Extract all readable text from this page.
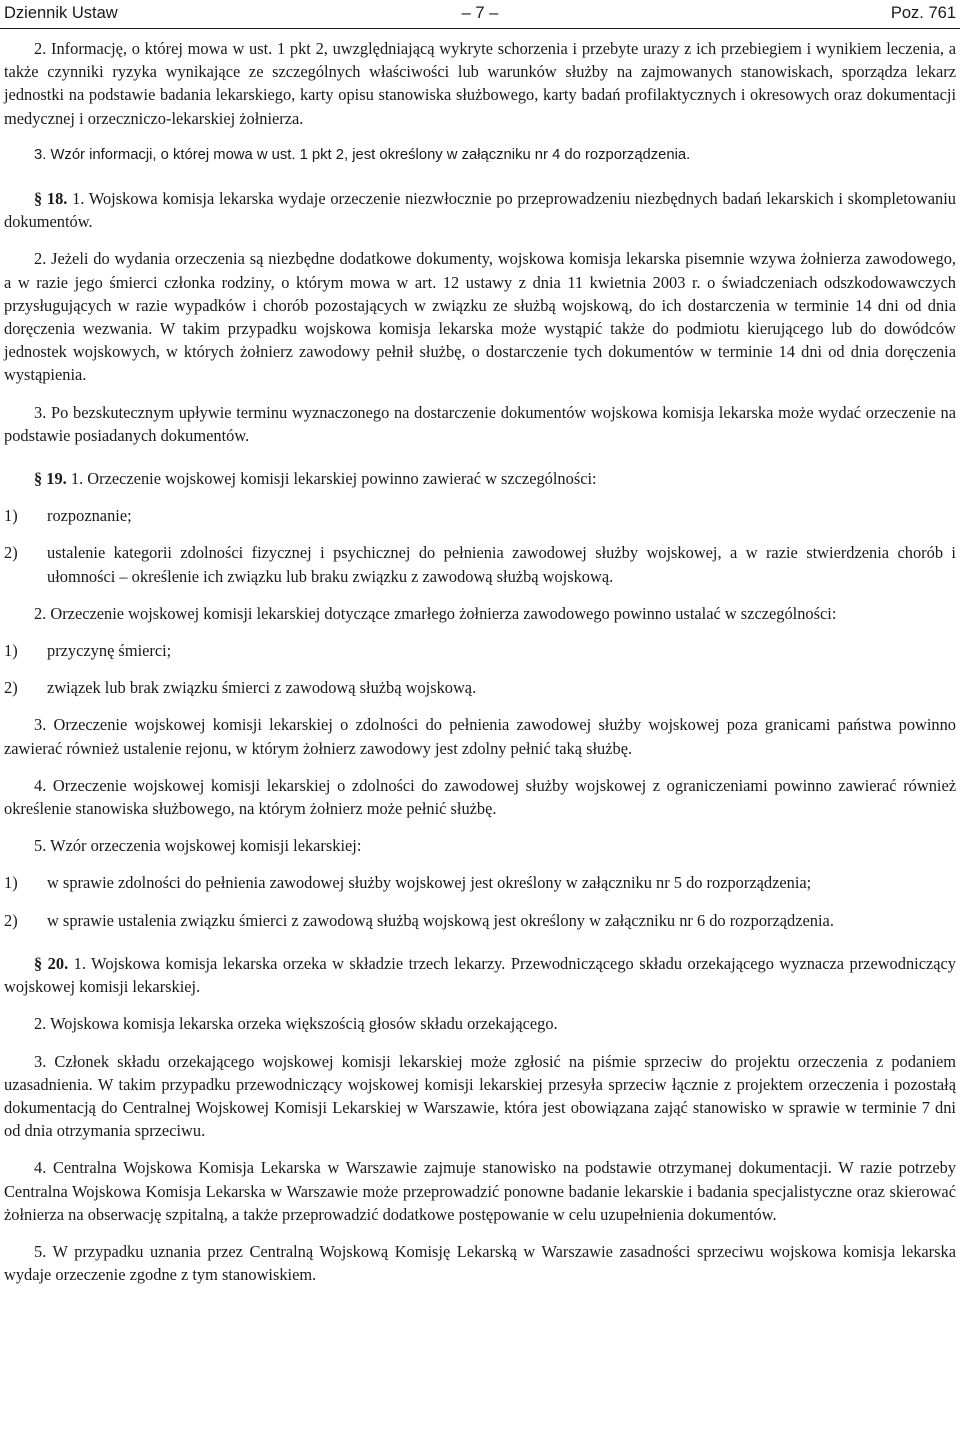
Dziennik Ustaw	– 7 –	Poz. 761

2. Informację, o której mowa w ust. 1 pkt 2, uwzględniającą wykryte schorzenia i przebyte urazy z ich przebiegiem i wynikiem leczenia, a także czynniki ryzyka wynikające ze szczególnych właściwości lub warunków służby na zajmowanych stanowiskach, sporządza lekarz jednostki na podstawie badania lekarskiego, karty opisu stanowiska służbowego, karty badań profilaktycznych i okresowych oraz dokumentacji medycznej i orzeczniczo-lekarskiej żołnierza.

3. Wzór informacji, o której mowa w ust. 1 pkt 2, jest określony w załączniku nr 4 do rozporządzenia.

§ 18. 1. Wojskowa komisja lekarska wydaje orzeczenie niezwłocznie po przeprowadzeniu niezbędnych badań lekarskich i skompletowaniu dokumentów.

2. Jeżeli do wydania orzeczenia są niezbędne dodatkowe dokumenty, wojskowa komisja lekarska pisemnie wzywa żołnierza zawodowego, a w razie jego śmierci członka rodziny, o którym mowa w art. 12 ustawy z dnia 11 kwietnia 2003 r. o świadczeniach odszkodowawczych przysługujących w razie wypadków i chorób pozostających w związku ze służbą wojskową, do ich dostarczenia w terminie 14 dni od dnia doręczenia wezwania. W takim przypadku wojskowa komisja lekarska może wystąpić także do podmiotu kierującego lub do dowódców jednostek wojskowych, w których żołnierz zawodowy pełnił służbę, o dostarczenie tych dokumentów w terminie 14 dni od dnia doręczenia wystąpienia.

3. Po bezskutecznym upływie terminu wyznaczonego na dostarczenie dokumentów wojskowa komisja lekarska może wydać orzeczenie na podstawie posiadanych dokumentów.

§ 19. 1. Orzeczenie wojskowej komisji lekarskiej powinno zawierać w szczególności:

1) rozpoznanie;
2) ustalenie kategorii zdolności fizycznej i psychicznej do pełnienia zawodowej służby wojskowej, a w razie stwierdzenia chorób i ułomności – określenie ich związku lub braku związku z zawodową służbą wojskową.

2. Orzeczenie wojskowej komisji lekarskiej dotyczące zmarłego żołnierza zawodowego powinno ustalać w szczególności:

1) przyczynę śmierci;
2) związek lub brak związku śmierci z zawodową służbą wojskową.

3. Orzeczenie wojskowej komisji lekarskiej o zdolności do pełnienia zawodowej służby wojskowej poza granicami państwa powinno zawierać również ustalenie rejonu, w którym żołnierz zawodowy jest zdolny pełnić taką służbę.

4. Orzeczenie wojskowej komisji lekarskiej o zdolności do zawodowej służby wojskowej z ograniczeniami powinno zawierać również określenie stanowiska służbowego, na którym żołnierz może pełnić służbę.

5. Wzór orzeczenia wojskowej komisji lekarskiej:

1) w sprawie zdolności do pełnienia zawodowej służby wojskowej jest określony w załączniku nr 5 do rozporządzenia;
2) w sprawie ustalenia związku śmierci z zawodową służbą wojskową jest określony w załączniku nr 6 do rozporządzenia.

§ 20. 1. Wojskowa komisja lekarska orzeka w składzie trzech lekarzy. Przewodniczącego składu orzekającego wyznacza przewodniczący wojskowej komisji lekarskiej.

2. Wojskowa komisja lekarska orzeka większością głosów składu orzekającego.

3. Członek składu orzekającego wojskowej komisji lekarskiej może zgłosić na piśmie sprzeciw do projektu orzeczenia z podaniem uzasadnienia. W takim przypadku przewodniczący wojskowej komisji lekarskiej przesyła sprzeciw łącznie z projektem orzeczenia i pozostałą dokumentacją do Centralnej Wojskowej Komisji Lekarskiej w Warszawie, która jest obowiązana zająć stanowisko w sprawie w terminie 7 dni od dnia otrzymania sprzeciwu.

4. Centralna Wojskowa Komisja Lekarska w Warszawie zajmuje stanowisko na podstawie otrzymanej dokumentacji. W razie potrzeby Centralna Wojskowa Komisja Lekarska w Warszawie może przeprowadzić ponowne badanie lekarskie i badania specjalistyczne oraz skierować żołnierza na obserwację szpitalną, a także przeprowadzić dodatkowe postępowanie w celu uzupełnienia dokumentów.

5. W przypadku uznania przez Centralną Wojskową Komisję Lekarską w Warszawie zasadności sprzeciwu wojskowa komisja lekarska wydaje orzeczenie zgodne z tym stanowiskiem.
